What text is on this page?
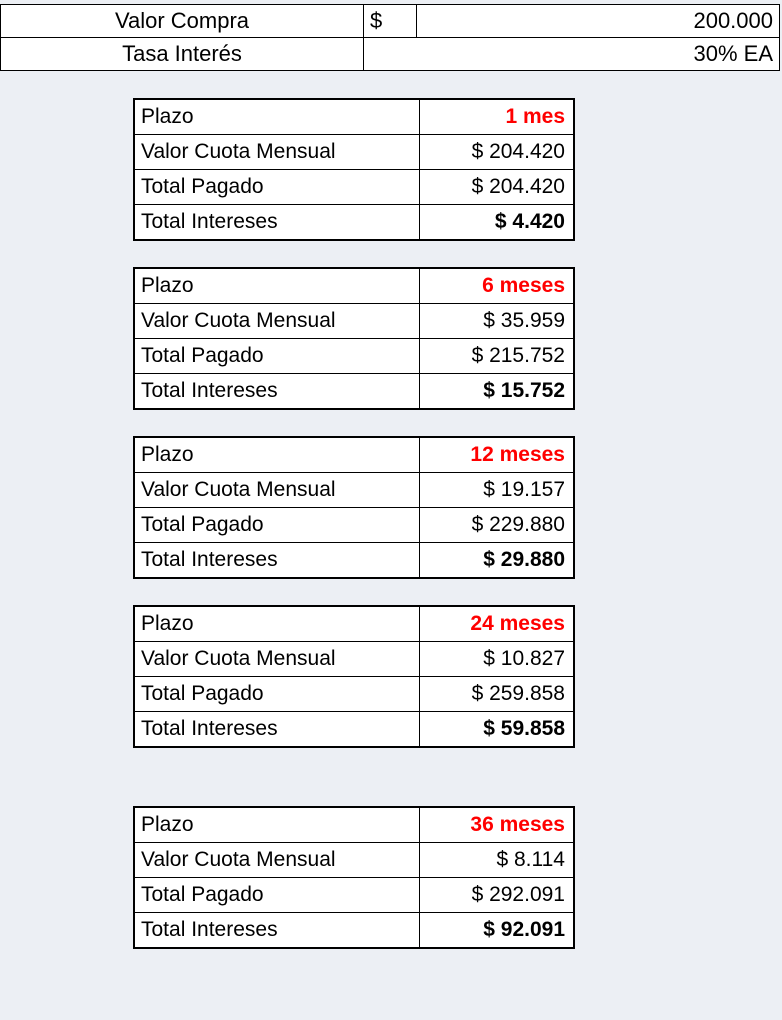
Valor Compra	$	200.000
Tasa Interés	30% EA	
Plazo	1 mes
Valor Cuota Mensual	$ 204.420
Total Pagado	$ 204.420
Total Intereses	$ 4.420
Plazo	6 meses
Valor Cuota Mensual	$ 35.959
Total Pagado	$ 215.752
Total Intereses	$ 15.752
Plazo	12 meses
Valor Cuota Mensual	$ 19.157
Total Pagado	$ 229.880
Total Intereses	$ 29.880
Plazo	24 meses
Valor Cuota Mensual	$ 10.827
Total Pagado	$ 259.858
Total Intereses	$ 59.858
Plazo	36 meses
Valor Cuota Mensual	$ 8.114
Total Pagado	$ 292.091
Total Intereses	$ 92.091
